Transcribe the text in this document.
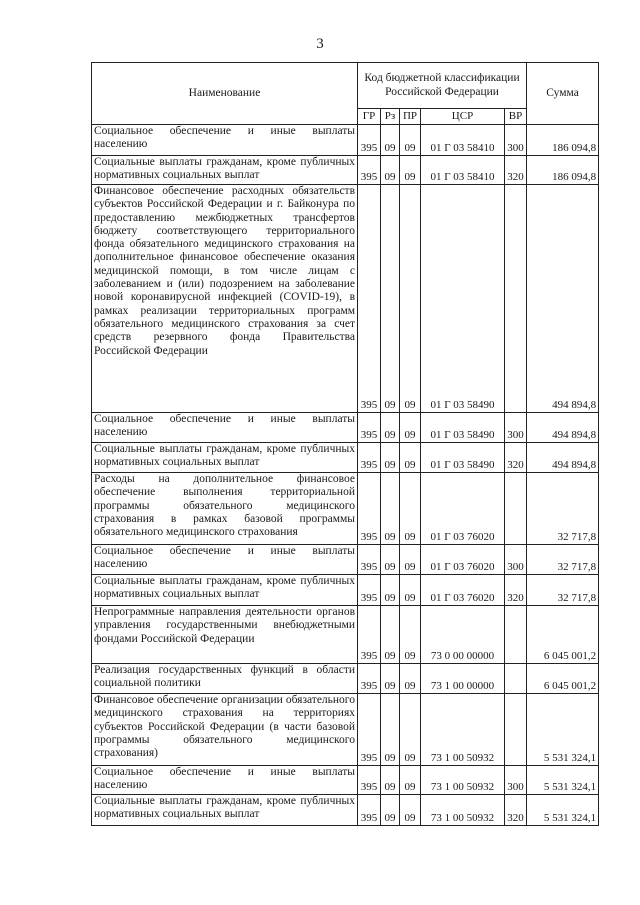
3
Наименование	Код бюджетной классификации Российской Федерации					Сумма
	ГР	Рз	ПР	ЦСР	ВР	
Социальное обеспечение и иные выплаты населению	395	09	09	01 Г 03 58410	300	186 094,8
Социальные выплаты гражданам, кроме публичных нормативных социальных выплат	395	09	09	01 Г 03 58410	320	186 094,8
Финансовое обеспечение расходных обязательств субъектов Российской Федерации и г. Байконура по предоставлению межбюджетных трансфертов бюджету соответствующего территориального фонда обязательного медицинского страхования на дополнительное финансовое обеспечение оказания медицинской помощи, в том числе лицам с заболеванием и (или) подозрением на заболевание новой коронавирусной инфекцией (COVID-19), в рамках реализации территориальных программ обязательного медицинского страхования за счет средств резервного фонда Правительства Российской Федерации	395	09	09	01 Г 03 58490		494 894,8
Социальное обеспечение и иные выплаты населению	395	09	09	01 Г 03 58490	300	494 894,8
Социальные выплаты гражданам, кроме публичных нормативных социальных выплат	395	09	09	01 Г 03 58490	320	494 894,8
Расходы на дополнительное финансовое обеспечение выполнения территориальной программы обязательного медицинского страхования в рамках базовой программы обязательного медицинского страхования	395	09	09	01 Г 03 76020		32 717,8
Социальное обеспечение и иные выплаты населению	395	09	09	01 Г 03 76020	300	32 717,8
Социальные выплаты гражданам, кроме публичных нормативных социальных выплат	395	09	09	01 Г 03 76020	320	32 717,8
Непрограммные направления деятельности органов управления государственными внебюджетными фондами Российской Федерации	395	09	09	73 0 00 00000		6 045 001,2
Реализация государственных функций в области социальной политики	395	09	09	73 1 00 00000		6 045 001,2
Финансовое обеспечение организации обязательного медицинского страхования на территориях субъектов Российской Федерации (в части базовой программы обязательного медицинского страхования)	395	09	09	73 1 00 50932		5 531 324,1
Социальное обеспечение и иные выплаты населению	395	09	09	73 1 00 50932	300	5 531 324,1
Социальные выплаты гражданам, кроме публичных нормативных социальных выплат	395	09	09	73 1 00 50932	320	5 531 324,1
